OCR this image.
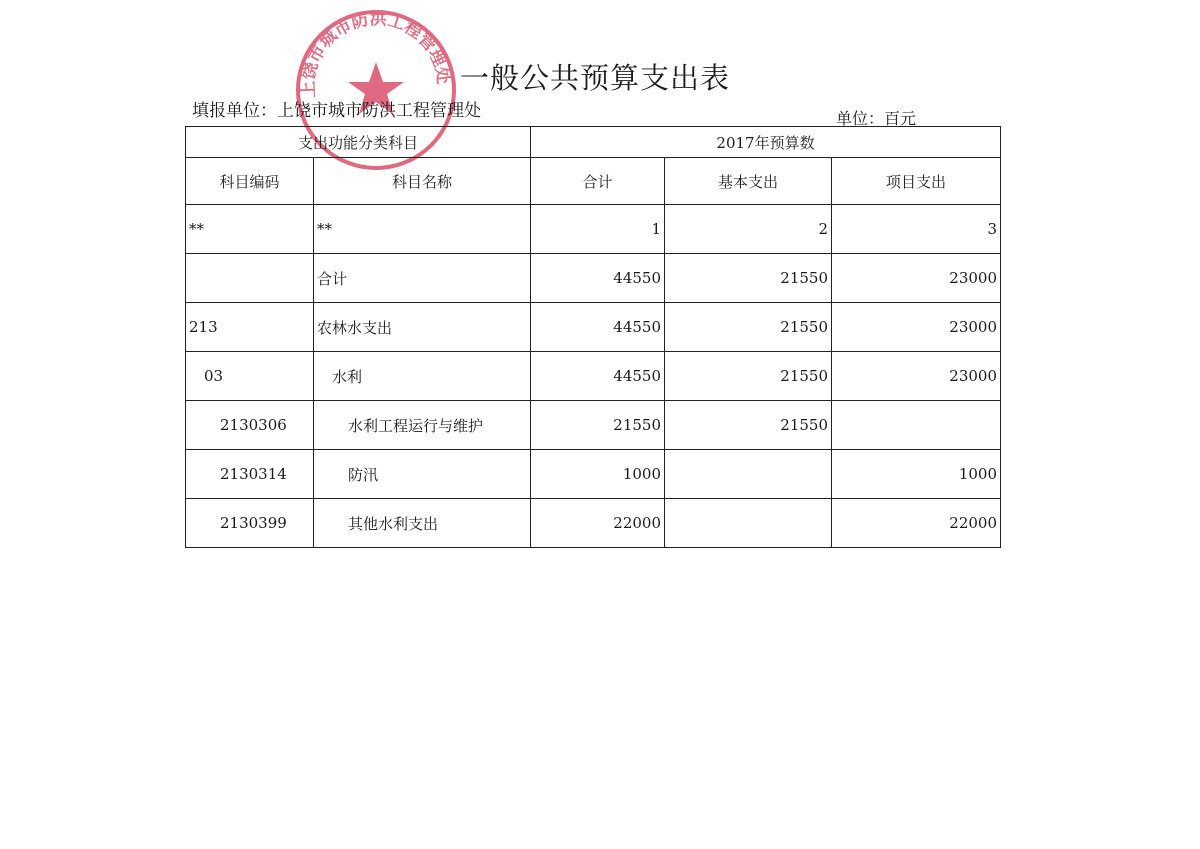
上饶市城市防洪工程管理处 一般公共预算支出表
填报单位：上饶市城市防洪工程管理处	单位：百元
支出功能分类科目		2017年预算数		
科目编码	科目名称	合计	基本支出	项目支出
**	**	1	2	3
	合计	44550	21550	23000
213	农林水支出	44550	21550	23000
03	水利	44550	21550	23000
2130306	水利工程运行与维护	21550	21550	
2130314	防汛	1000		1000
2130399	其他水利支出	22000		22000
